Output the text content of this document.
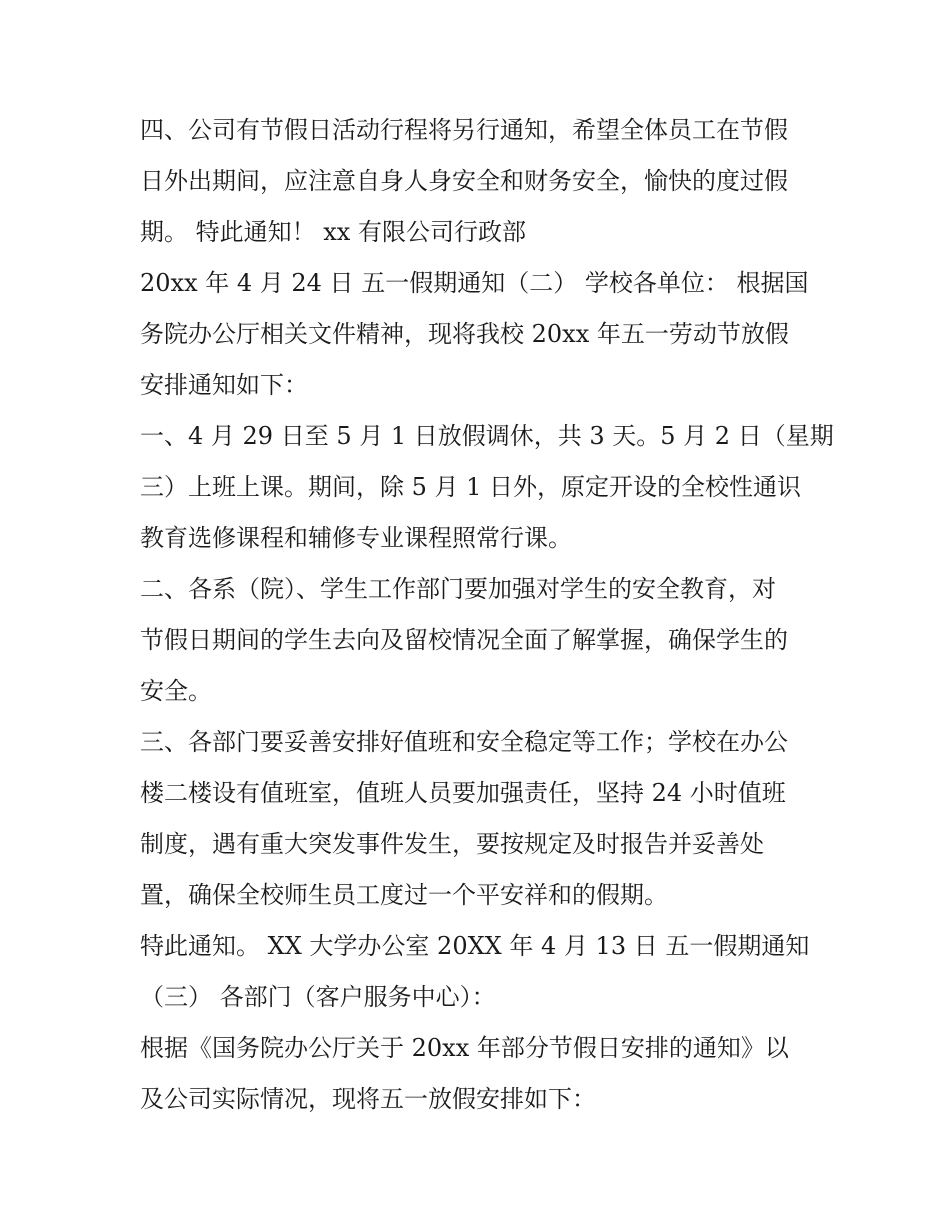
四、公司有节假日活动行程将另行通知，希望全体员工在节假
日外出期间，应注意自身人身安全和财务安全，愉快的度过假
期。 特此通知！ xx 有限公司行政部
20xx 年 4 月 24 日 五一假期通知（二） 学校各单位： 根据国
务院办公厅相关文件精神，现将我校 20xx 年五一劳动节放假
安排通知如下：
一、4 月 29 日至 5 月 1 日放假调休，共 3 天。5 月 2 日（星期
三）上班上课。期间，除 5 月 1 日外，原定开设的全校性通识
教育选修课程和辅修专业课程照常行课。
二、各系（院）、学生工作部门要加强对学生的安全教育，对
节假日期间的学生去向及留校情况全面了解掌握，确保学生的
安全。
三、各部门要妥善安排好值班和安全稳定等工作；学校在办公
楼二楼设有值班室，值班人员要加强责任，坚持 24 小时值班
制度，遇有重大突发事件发生，要按规定及时报告并妥善处
置，确保全校师生员工度过一个平安祥和的假期。
特此通知。 XX 大学办公室 20XX 年 4 月 13 日 五一假期通知
（三） 各部门（客户服务中心）：
根据《国务院办公厅关于 20xx 年部分节假日安排的通知》以
及公司实际情况，现将五一放假安排如下：
